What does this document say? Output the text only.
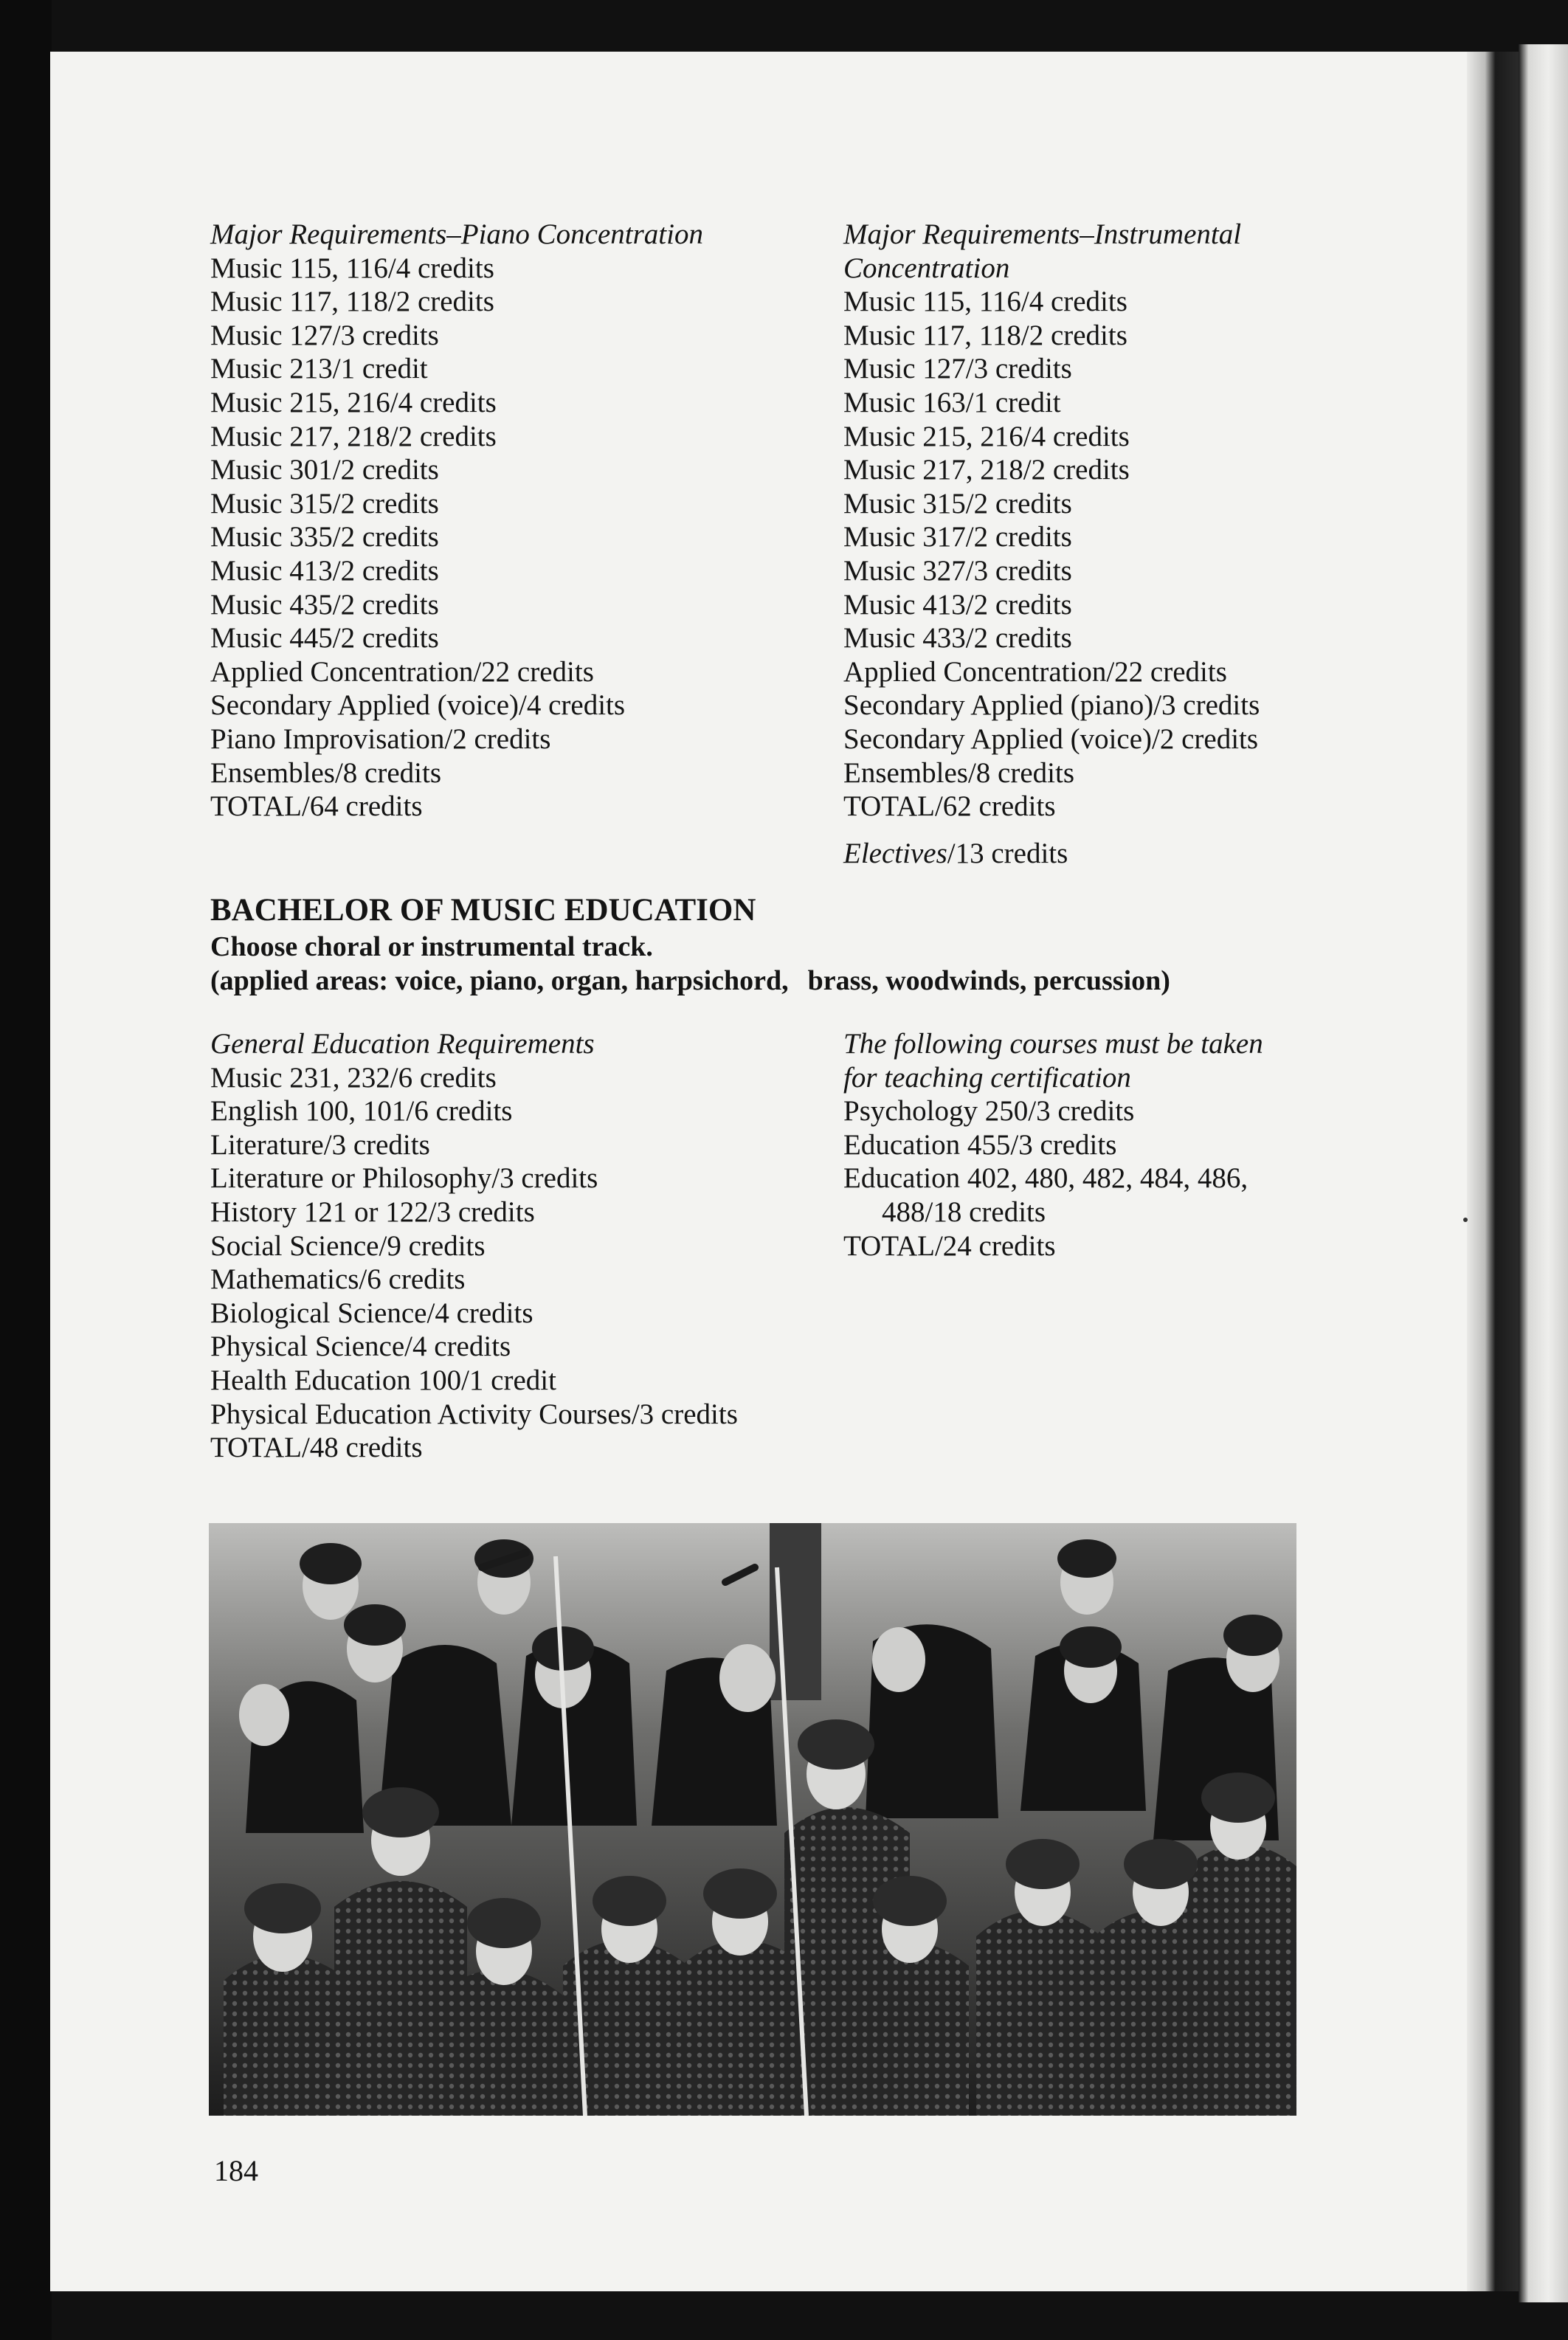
Major Requirements–Piano Concentration
Music 115, 116/4 credits
Music 117, 118/2 credits
Music 127/3 credits
Music 213/1 credit
Music 215, 216/4 credits
Music 217, 218/2 credits
Music 301/2 credits
Music 315/2 credits
Music 335/2 credits
Music 413/2 credits
Music 435/2 credits
Music 445/2 credits
Applied Concentration/22 credits
Secondary Applied (voice)/4 credits
Piano Improvisation/2 credits
Ensembles/8 credits
TOTAL/64 credits
Major Requirements–Instrumental
Concentration
Music 115, 116/4 credits
Music 117, 118/2 credits
Music 127/3 credits
Music 163/1 credit
Music 215, 216/4 credits
Music 217, 218/2 credits
Music 315/2 credits
Music 317/2 credits
Music 327/3 credits
Music 413/2 credits
Music 433/2 credits
Applied Concentration/22 credits
Secondary Applied (piano)/3 credits
Secondary Applied (voice)/2 credits
Ensembles/8 credits
TOTAL/62 credits
Electives/13 credits
BACHELOR OF MUSIC EDUCATION
Choose choral or instrumental track.
(applied areas: voice, piano, organ, harpsichord, brass, woodwinds, percussion)
General Education Requirements
Music 231, 232/6 credits
English 100, 101/6 credits
Literature/3 credits
Literature or Philosophy/3 credits
History 121 or 122/3 credits
Social Science/9 credits
Mathematics/6 credits
Biological Science/4 credits
Physical Science/4 credits
Health Education 100/1 credit
Physical Education Activity Courses/3 credits
TOTAL/48 credits
The following courses must be taken
for teaching certification
Psychology 250/3 credits
Education 455/3 credits
Education 402, 480, 482, 484, 486,
488/18 credits
TOTAL/24 credits
184
